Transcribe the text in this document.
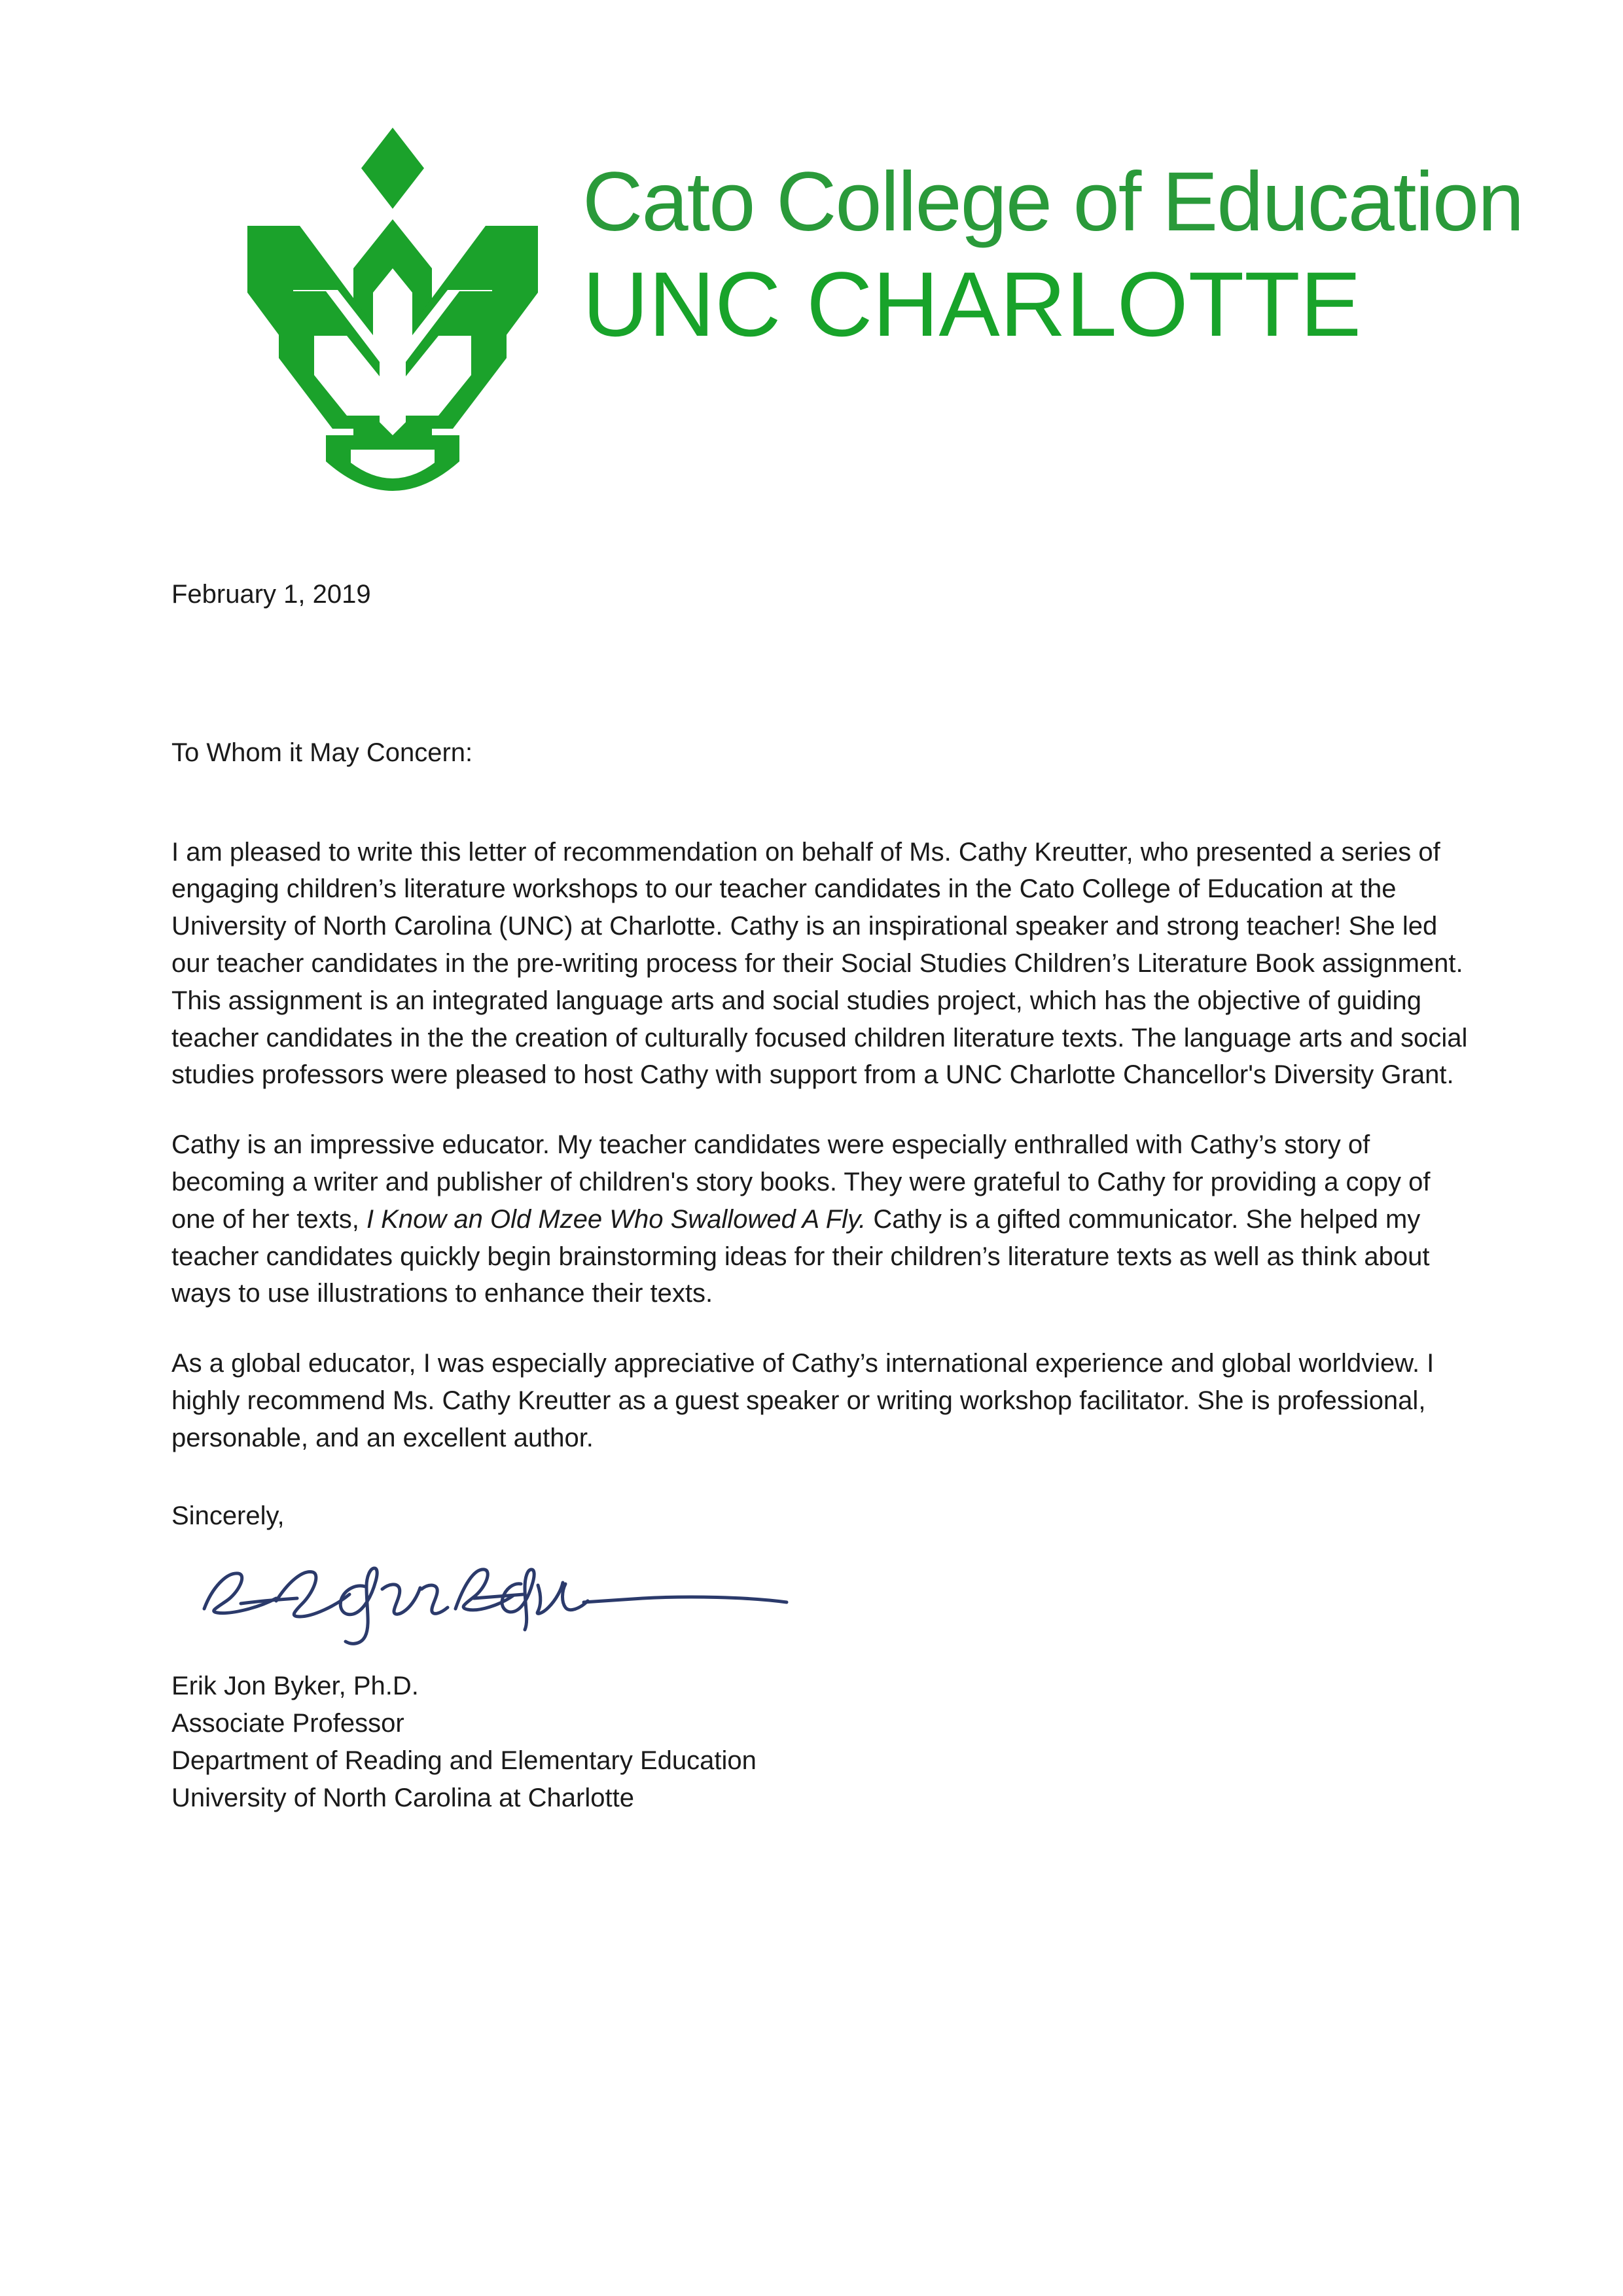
Cato College of Education
UNC CHARLOTTE

February 1, 2019

To Whom it May Concern:

I am pleased to write this letter of recommendation on behalf of Ms. Cathy Kreutter, who presented a series of engaging children’s literature workshops to our teacher candidates in the Cato College of Education at the University of North Carolina (UNC) at Charlotte. Cathy is an inspirational speaker and strong teacher! She led our teacher candidates in the pre-writing process for their Social Studies Children’s Literature Book assignment. This assignment is an integrated language arts and social studies project, which has the objective of guiding teacher candidates in the the creation of culturally focused children literature texts. The language arts and social studies professors were pleased to host Cathy with support from a UNC Charlotte Chancellor's Diversity Grant.

Cathy is an impressive educator. My teacher candidates were especially enthralled with Cathy’s story of becoming a writer and publisher of children's story books. They were grateful to Cathy for providing a copy of one of her texts, I Know an Old Mzee Who Swallowed A Fly. Cathy is a gifted communicator. She helped my teacher candidates quickly begin brainstorming ideas for their children’s literature texts as well as think about ways to use illustrations to enhance their texts.

As a global educator, I was especially appreciative of Cathy’s international experience and global worldview. I highly recommend Ms. Cathy Kreutter as a guest speaker or writing workshop facilitator. She is professional, personable, and an excellent author.

Sincerely,

Erik Jon Byker, Ph.D.
Associate Professor
Department of Reading and Elementary Education
University of North Carolina at Charlotte
